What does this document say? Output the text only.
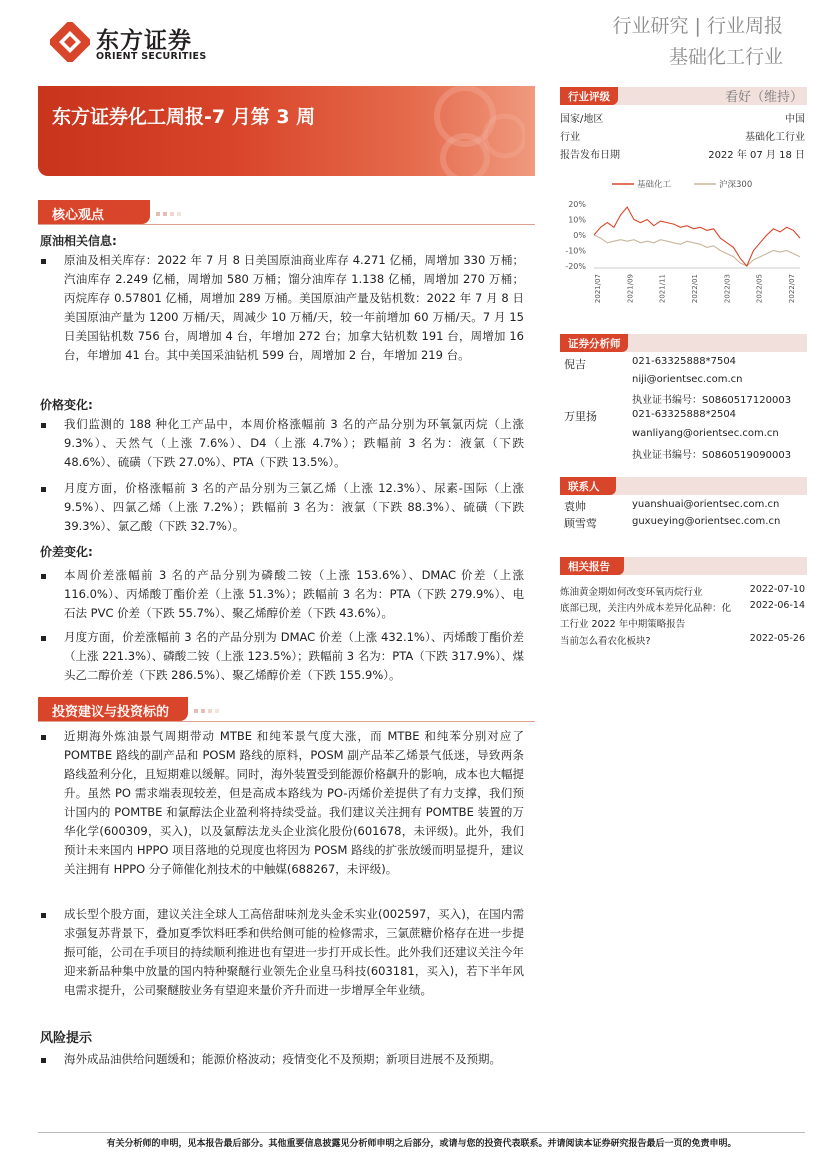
东方证券
ORIENT SECURITIES
行业研究 | 行业周报
基础化工行业
东方证券化工周报-7 月第 3 周
行业评级	看好（维持）
国家/地区	中国
行业	基础化工行业
报告发布日期	2022 年 07 月 18 日
基础化工	沪深300
20%
10%
0%
-10%
-20%
2021/07	2021/09	2021/11	2022/01	2022/03	2022/05	2022/07
证券分析师
倪吉	021-63325888*7504
niji@orientsec.com.cn
执业证书编号：S0860517120003
万里扬	021-63325888*2504
wanliyang@orientsec.com.cn
执业证书编号：S0860519090003
联系人
袁帅	yuanshuai@orientsec.com.cn
顾雪莺	guxueying@orientsec.com.cn
相关报告
炼油黄金期如何改变环氧丙烷行业	2022-07-10
底部已现，关注内外成本差异化品种：化 2022-06-14
工行业 2022 年中期策略报告
当前怎么看农化板块?	2022-05-26
核心观点
原油相关信息:
原油及相关库存：2022 年 7 月 8 日美国原油商业库存 4.271 亿桶，周增加 330 万桶；汽油库存 2.249 亿桶，周增加 580 万桶；馏分油库存 1.138 亿桶，周增加 270 万桶；丙烷库存 0.57801 亿桶，周增加 289 万桶。美国原油产量及钻机数：2022 年 7 月 8 日美国原油产量为 1200 万桶/天，周减少 10 万桶/天，较一年前增加 60 万桶/天。7 月 15 日美国钻机数 756 台，周增加 4 台，年增加 272 台；加拿大钻机数 191 台，周增加 16 台，年增加 41 台。其中美国采油钻机 599 台，周增加 2 台，年增加 219 台。
价格变化:
我们监测的 188 种化工产品中，本周价格涨幅前 3 名的产品分别为环氧氯丙烷（上涨 9.3%）、天然气（上涨 7.6%）、D4（上涨 4.7%）；跌幅前 3 名为：液氯（下跌 48.6%）、硫磺（下跌 27.0%）、PTA（下跌 13.5%）。
月度方面，价格涨幅前 3 名的产品分别为三氯乙烯（上涨 12.3%）、尿素-国际（上涨 9.5%）、四氯乙烯（上涨 7.2%）；跌幅前 3 名为：液氯（下跌 88.3%）、硫磺（下跌 39.3%）、氯乙酸（下跌 32.7%）。
价差变化:
本周价差涨幅前 3 名的产品分别为磷酸二铵（上涨 153.6%）、DMAC 价差（上涨 116.0%）、丙烯酸丁酯价差（上涨 51.3%）；跌幅前 3 名为：PTA（下跌 279.9%）、电石法 PVC 价差（下跌 55.7%）、聚乙烯醇价差（下跌 43.6%）。
月度方面，价差涨幅前 3 名的产品分别为 DMAC 价差（上涨 432.1%）、丙烯酸丁酯价差（上涨 221.3%）、磷酸二铵（上涨 123.5%）；跌幅前 3 名为：PTA（下跌 317.9%）、煤头乙二醇价差（下跌 286.5%）、聚乙烯醇价差（下跌 155.9%）。
投资建议与投资标的
近期海外炼油景气周期带动 MTBE 和纯苯景气度大涨，而 MTBE 和纯苯分别对应了 POMTBE 路线的副产品和 POSM 路线的原料，POSM 副产品苯乙烯景气低迷，导致两条路线盈利分化，且短期难以缓解。同时，海外装置受到能源价格飙升的影响，成本也大幅提升。虽然 PO 需求端表现较差，但是高成本路线为 PO-丙烯价差提供了有力支撑，我们预计国内的 POMTBE 和氯醇法企业盈利将持续受益。我们建议关注拥有 POMTBE 装置的万华化学(600309，买入)，以及氯醇法龙头企业滨化股份(601678，未评级)。此外，我们预计未来国内 HPPO 项目落地的兑现度也将因为 POSM 路线的扩张放缓而明显提升，建议关注拥有 HPPO 分子筛催化剂技术的中触媒(688267，未评级)。
成长型个股方面，建议关注全球人工高倍甜味剂龙头金禾实业(002597，买入)，在国内需求强复苏背景下，叠加夏季饮料旺季和供给侧可能的检修需求，三氯蔗糖价格存在进一步提振可能，公司在手项目的持续顺利推进也有望进一步打开成长性。此外我们还建议关注今年迎来新品种集中放量的国内特种聚醚行业领先企业皇马科技(603181，买入)，若下半年风电需求提升，公司聚醚胺业务有望迎来量价齐升而进一步增厚全年业绩。
风险提示
海外成品油供给问题缓和；能源价格波动；疫情变化不及预期；新项目进展不及预期。
有关分析师的申明，见本报告最后部分。其他重要信息披露见分析师申明之后部分，或请与您的投资代表联系。并请阅读本证券研究报告最后一页的免责申明。
